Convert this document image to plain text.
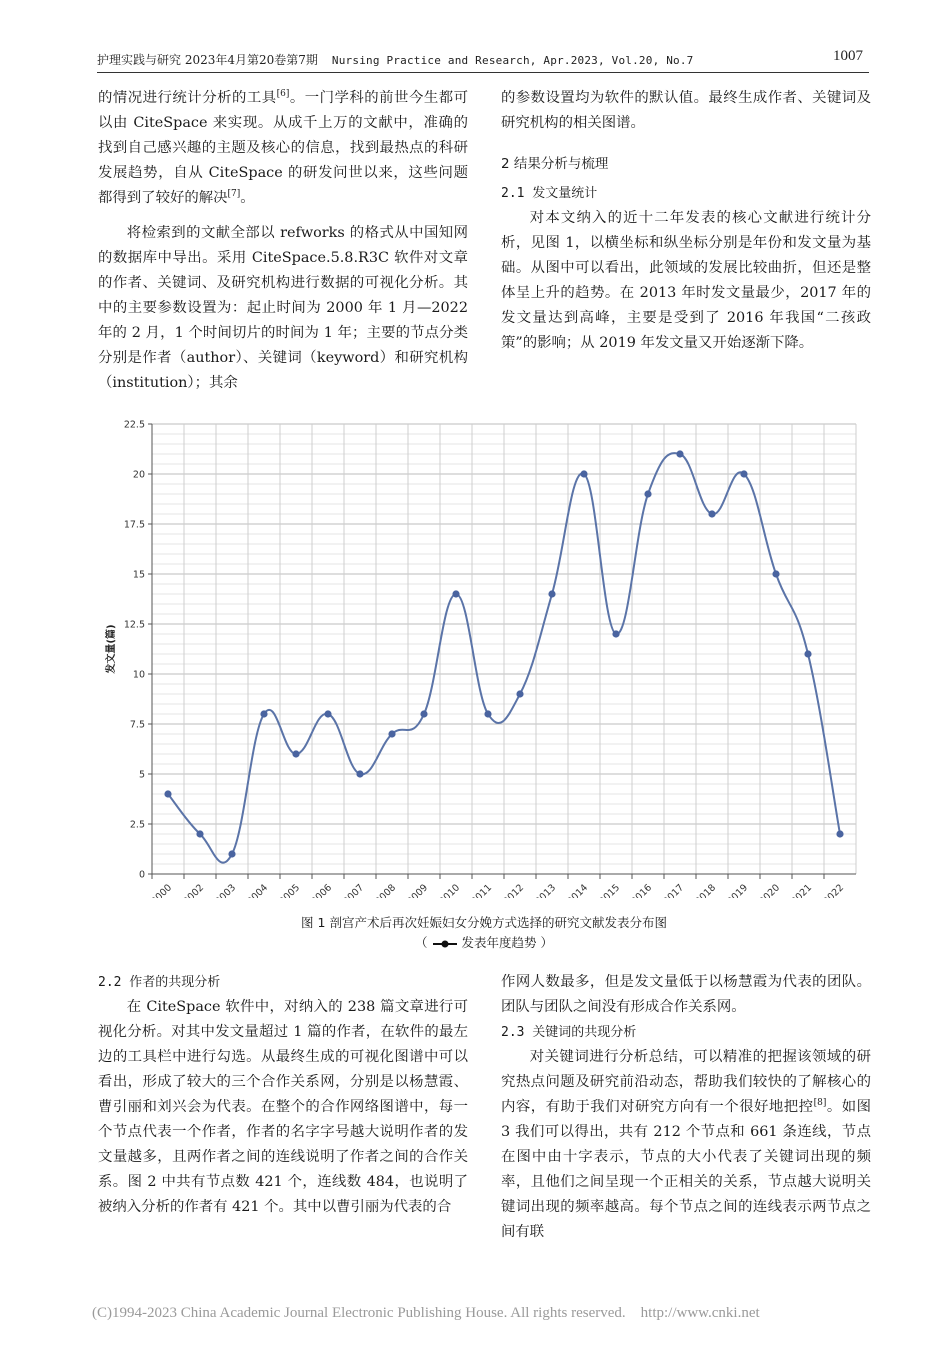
护理实践与研究 2023年4月第20卷第7期 Nursing Practice and Research, Apr.2023, Vol.20, No.7	1007

的情况进行统计分析的工具[6]。一门学科的前世今生都可以由 CiteSpace 来实现。从成千上万的文献中，准确的找到自己感兴趣的主题及核心的信息，找到最热点的科研发展趋势，自从 CiteSpace 的研发问世以来，这些问题都得到了较好的解决[7]。

将检索到的文献全部以 refworks 的格式从中国知网的数据库中导出。采用 CiteSpace.5.8.R3C 软件对文章的作者、关键词、及研究机构进行数据的可视化分析。其中的主要参数设置为：起止时间为 2000 年 1 月—2022 年的 2 月，1 个时间切片的时间为 1 年；主要的节点分类分别是作者（author）、关键词（keyword）和研究机构（institution）；其余

的参数设置均为软件的默认值。最终生成作者、关键词及研究机构的相关图谱。

2 结果分析与梳理

2.1 发文量统计

对本文纳入的近十二年发表的核心文献进行统计分析，见图 1，以横坐标和纵坐标分别是年份和发文量为基础。从图中可以看出，此领域的发展比较曲折，但还是整体呈上升的趋势。在 2013 年时发文量最少，2017 年的发文量达到高峰，主要是受到了 2016 年我国“二孩政策”的影响；从 2019 年发文量又开始逐渐下降。

发文量(篇)
0
2.5
5
7.5
10
12.5
15
17.5
20
22.5
2000 2002 2003 2004 2005 2006 2007 2008 2009 2010 2011 2012 2013 2014 2015 2016 2017 2018 2019 2020 2021 2022
图 1 剖宫产术后再次妊娠妇女分娩方式选择的研究文献发表分布图
（	发表年度趋势 ）

2.2 作者的共现分析

在 CiteSpace 软件中，对纳入的 238 篇文章进行可视化分析。对其中发文量超过 1 篇的作者，在软件的最左边的工具栏中进行勾选。从最终生成的可视化图谱中可以看出，形成了较大的三个合作关系网，分别是以杨慧霞、曹引丽和刘兴会为代表。在整个的合作网络图谱中，每一个节点代表一个作者，作者的名字字号越大说明作者的发文量越多，且两作者之间的连线说明了作者之间的合作关系。图 2 中共有节点数 421 个，连线数 484，也说明了被纳入分析的作者有 421 个。其中以曹引丽为代表的合

作网人数最多，但是发文量低于以杨慧霞为代表的团队。团队与团队之间没有形成合作关系网。

2.3 关键词的共现分析

对关键词进行分析总结，可以精准的把握该领域的研究热点问题及研究前沿动态，帮助我们较快的了解核心的内容，有助于我们对研究方向有一个很好地把控[8]。如图 3 我们可以得出，共有 212 个节点和 661 条连线，节点在图中由十字表示，节点的大小代表了关键词出现的频率，且他们之间呈现一个正相关的关系，节点越大说明关键词出现的频率越高。每个节点之间的连线表示两节点之间有联

(C)1994-2023 China Academic Journal Electronic Publishing House. All rights reserved. http://www.cnki.net
